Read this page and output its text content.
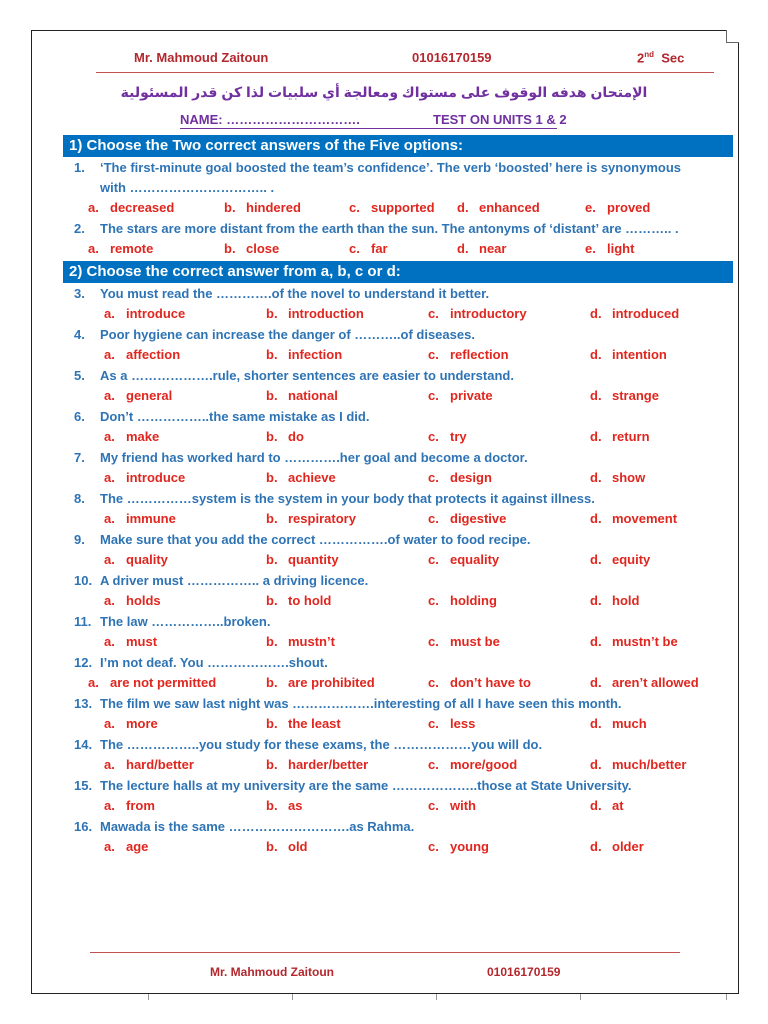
Mr. Mahmoud Zaitoun	01016170159	2nd Sec
الإمتحان هدفه الوقوف على مستواك ومعالجة أي سلبيات لذا كن قدر المسئولية
NAME: ………………………….	TEST ON UNITS 1 & 2
1) Choose the Two correct answers of the Five options:
1. ‘The first-minute goal boosted the team’s confidence’. The verb ‘boosted’ here is synonymous
with ………………………….. .
a. decreased	b. hindered	c. supported d. enhanced	e. proved
2. The stars are more distant from the earth than the sun. The antonyms of ‘distant’ are ……….. .
a. remote	b. close	c. far	d. near	e. light
2) Choose the correct answer from a, b, c or d:
3. You must read the ………….of the novel to understand it better.
a. introduce	b. introduction	c. introductory	d. introduced
4. Poor hygiene can increase the danger of ………..of diseases.
a. affection	b. infection	c. reflection	d. intention
5. As a ……………….rule, shorter sentences are easier to understand.
a. general	b. national	c. private	d. strange
6. Don’t ……………..the same mistake as I did.
a. make	b. do	c. try	d. return
7. My friend has worked hard to ………….her goal and become a doctor.
a. introduce	b. achieve	c. design	d. show
8. The ……………system is the system in your body that protects it against illness.
a. immune	b. respiratory	c. digestive	d. movement
9. Make sure that you add the correct …………….of water to food recipe.
a. quality	b. quantity	c. equality	d. equity
10. A driver must …………….. a driving licence.
a. holds	b. to hold	c. holding	d. hold
11. The law ……………..broken.
a. must	b. mustn’t	c. must be	d. mustn’t be
12. I’m not deaf. You ……………….shout.
a. are not permitted	b. are prohibited	c. don’t have to	d. aren’t allowed
13. The film we saw last night was ……………….interesting of all I have seen this month.
a. more	b. the least	c. less	d. much
14. The ……………..you study for these exams, the ………………you will do.
a. hard/better	b. harder/better	c. more/good	d. much/better
15. The lecture halls at my university are the same ………………..those at State University.
a. from	b. as	c. with	d. at
16. Mawada is the same ……………………….as Rahma.
a. age	b. old	c. young	d. older
Mr. Mahmoud Zaitoun	01016170159
